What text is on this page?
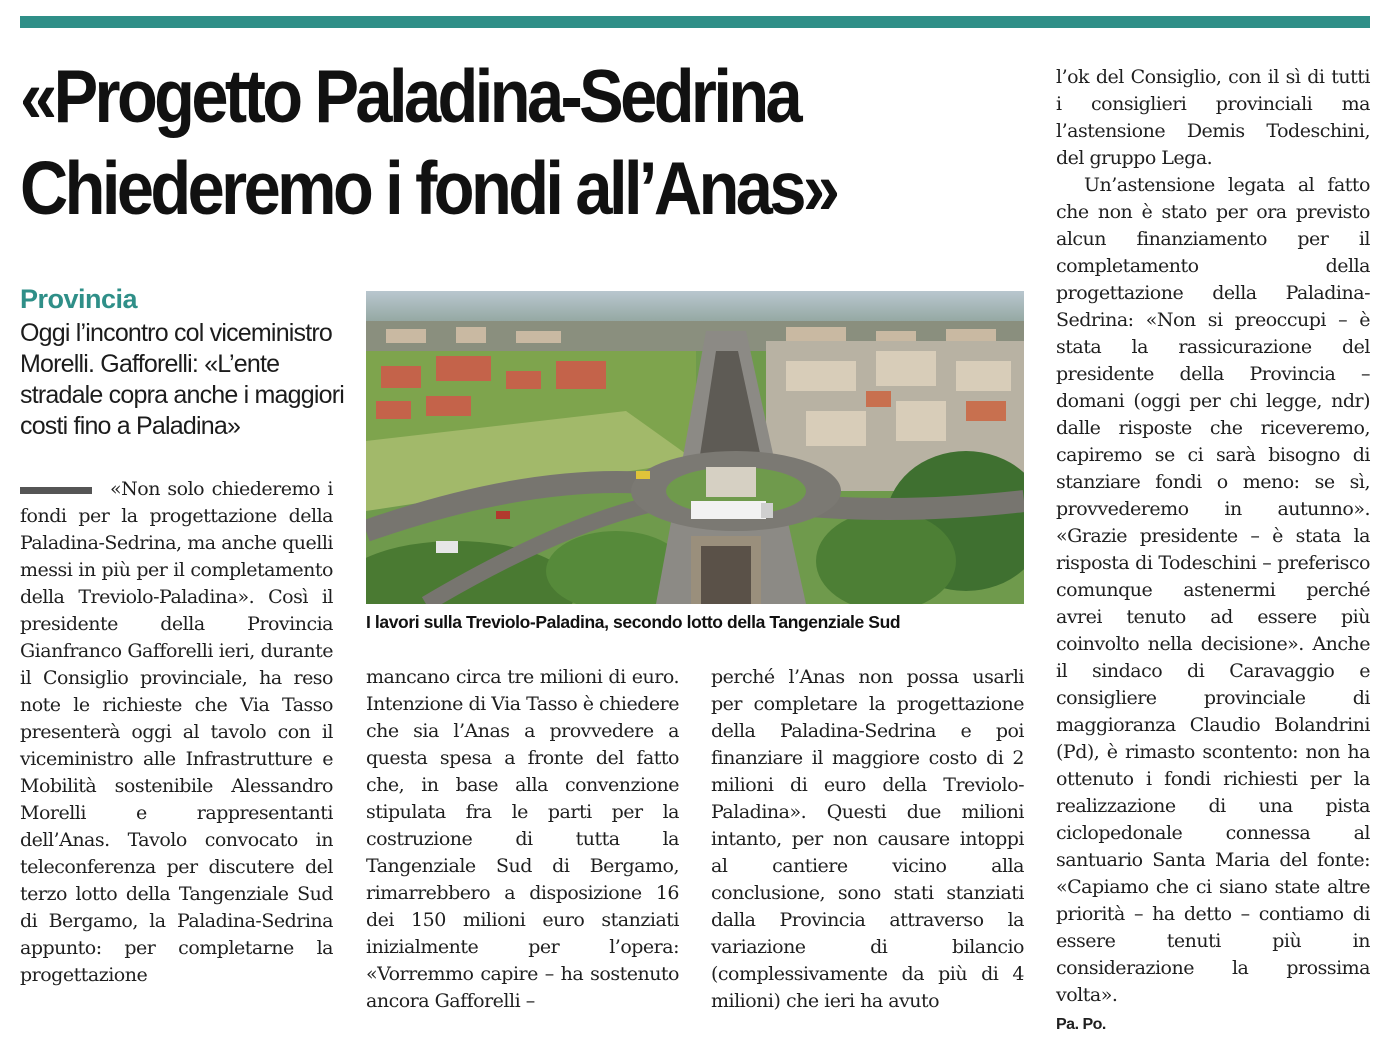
«Progetto Paladina-Sedrina
Chiederemo i fondi all’Anas»
Provincia
Oggi l’incontro col viceministro Morelli. Gafforelli: «L’ente stradale copra anche i maggiori costi fino a Paladina»

«Non solo chiederemo i fondi per la progettazione della Paladina-Sedrina, ma anche quelli messi in più per il completamento della Treviolo-Paladina». Così il presidente della Provincia Gianfranco Gafforelli ieri, durante il Consiglio provinciale, ha reso note le richieste che Via Tasso presenterà oggi al tavolo con il viceministro alle Infrastrutture e Mobilità sostenibile Alessandro Morelli e rappresentanti dell’Anas. Tavolo convocato in teleconferenza per discutere del terzo lotto della Tangenziale Sud di Bergamo, la Paladina-Sedrina appunto: per completarne la progettazione

I lavori sulla Treviolo-Paladina, secondo lotto della Tangenziale Sud

mancano circa tre milioni di euro. Intenzione di Via Tasso è chiedere che sia l’Anas a provvedere a questa spesa a fronte del fatto che, in base alla convenzione stipulata fra le parti per la costruzione di tutta la Tangenziale Sud di Bergamo, rimarrebbero a disposizione 16 dei 150 milioni euro stanziati inizialmente per l’opera: «Vorremmo capire – ha sostenuto ancora Gafforelli –

perché l’Anas non possa usarli per completare la progettazione della Paladina-Sedrina e poi finanziare il maggiore costo di 2 milioni di euro della Treviolo-Paladina». Questi due milioni intanto, per non causare intoppi al cantiere vicino alla conclusione, sono stati stanziati dalla Provincia attraverso la variazione di bilancio (complessivamente da più di 4 milioni) che ieri ha avuto

l’ok del Consiglio, con il sì di tutti i consiglieri provinciali ma l’astensione Demis Todeschini, del gruppo Lega.

Un’astensione legata al fatto che non è stato per ora previsto alcun finanziamento per il completamento della progettazione della Paladina-Sedrina: «Non si preoccupi – è stata la rassicurazione del presidente della Provincia – domani (oggi per chi legge, ndr) dalle risposte che riceveremo, capiremo se ci sarà bisogno di stanziare fondi o meno: se sì, provvederemo in autunno». «Grazie presidente – è stata la risposta di Todeschini – preferisco comunque astenermi perché avrei tenuto ad essere più coinvolto nella decisione». Anche il sindaco di Caravaggio e consigliere provinciale di maggioranza Claudio Bolandrini (Pd), è rimasto scontento: non ha ottenuto i fondi richiesti per la realizzazione di una pista ciclopedonale connessa al santuario Santa Maria del fonte: «Capiamo che ci siano state altre priorità – ha detto – contiamo di essere tenuti più in considerazione la prossima volta».

Pa. Po.
